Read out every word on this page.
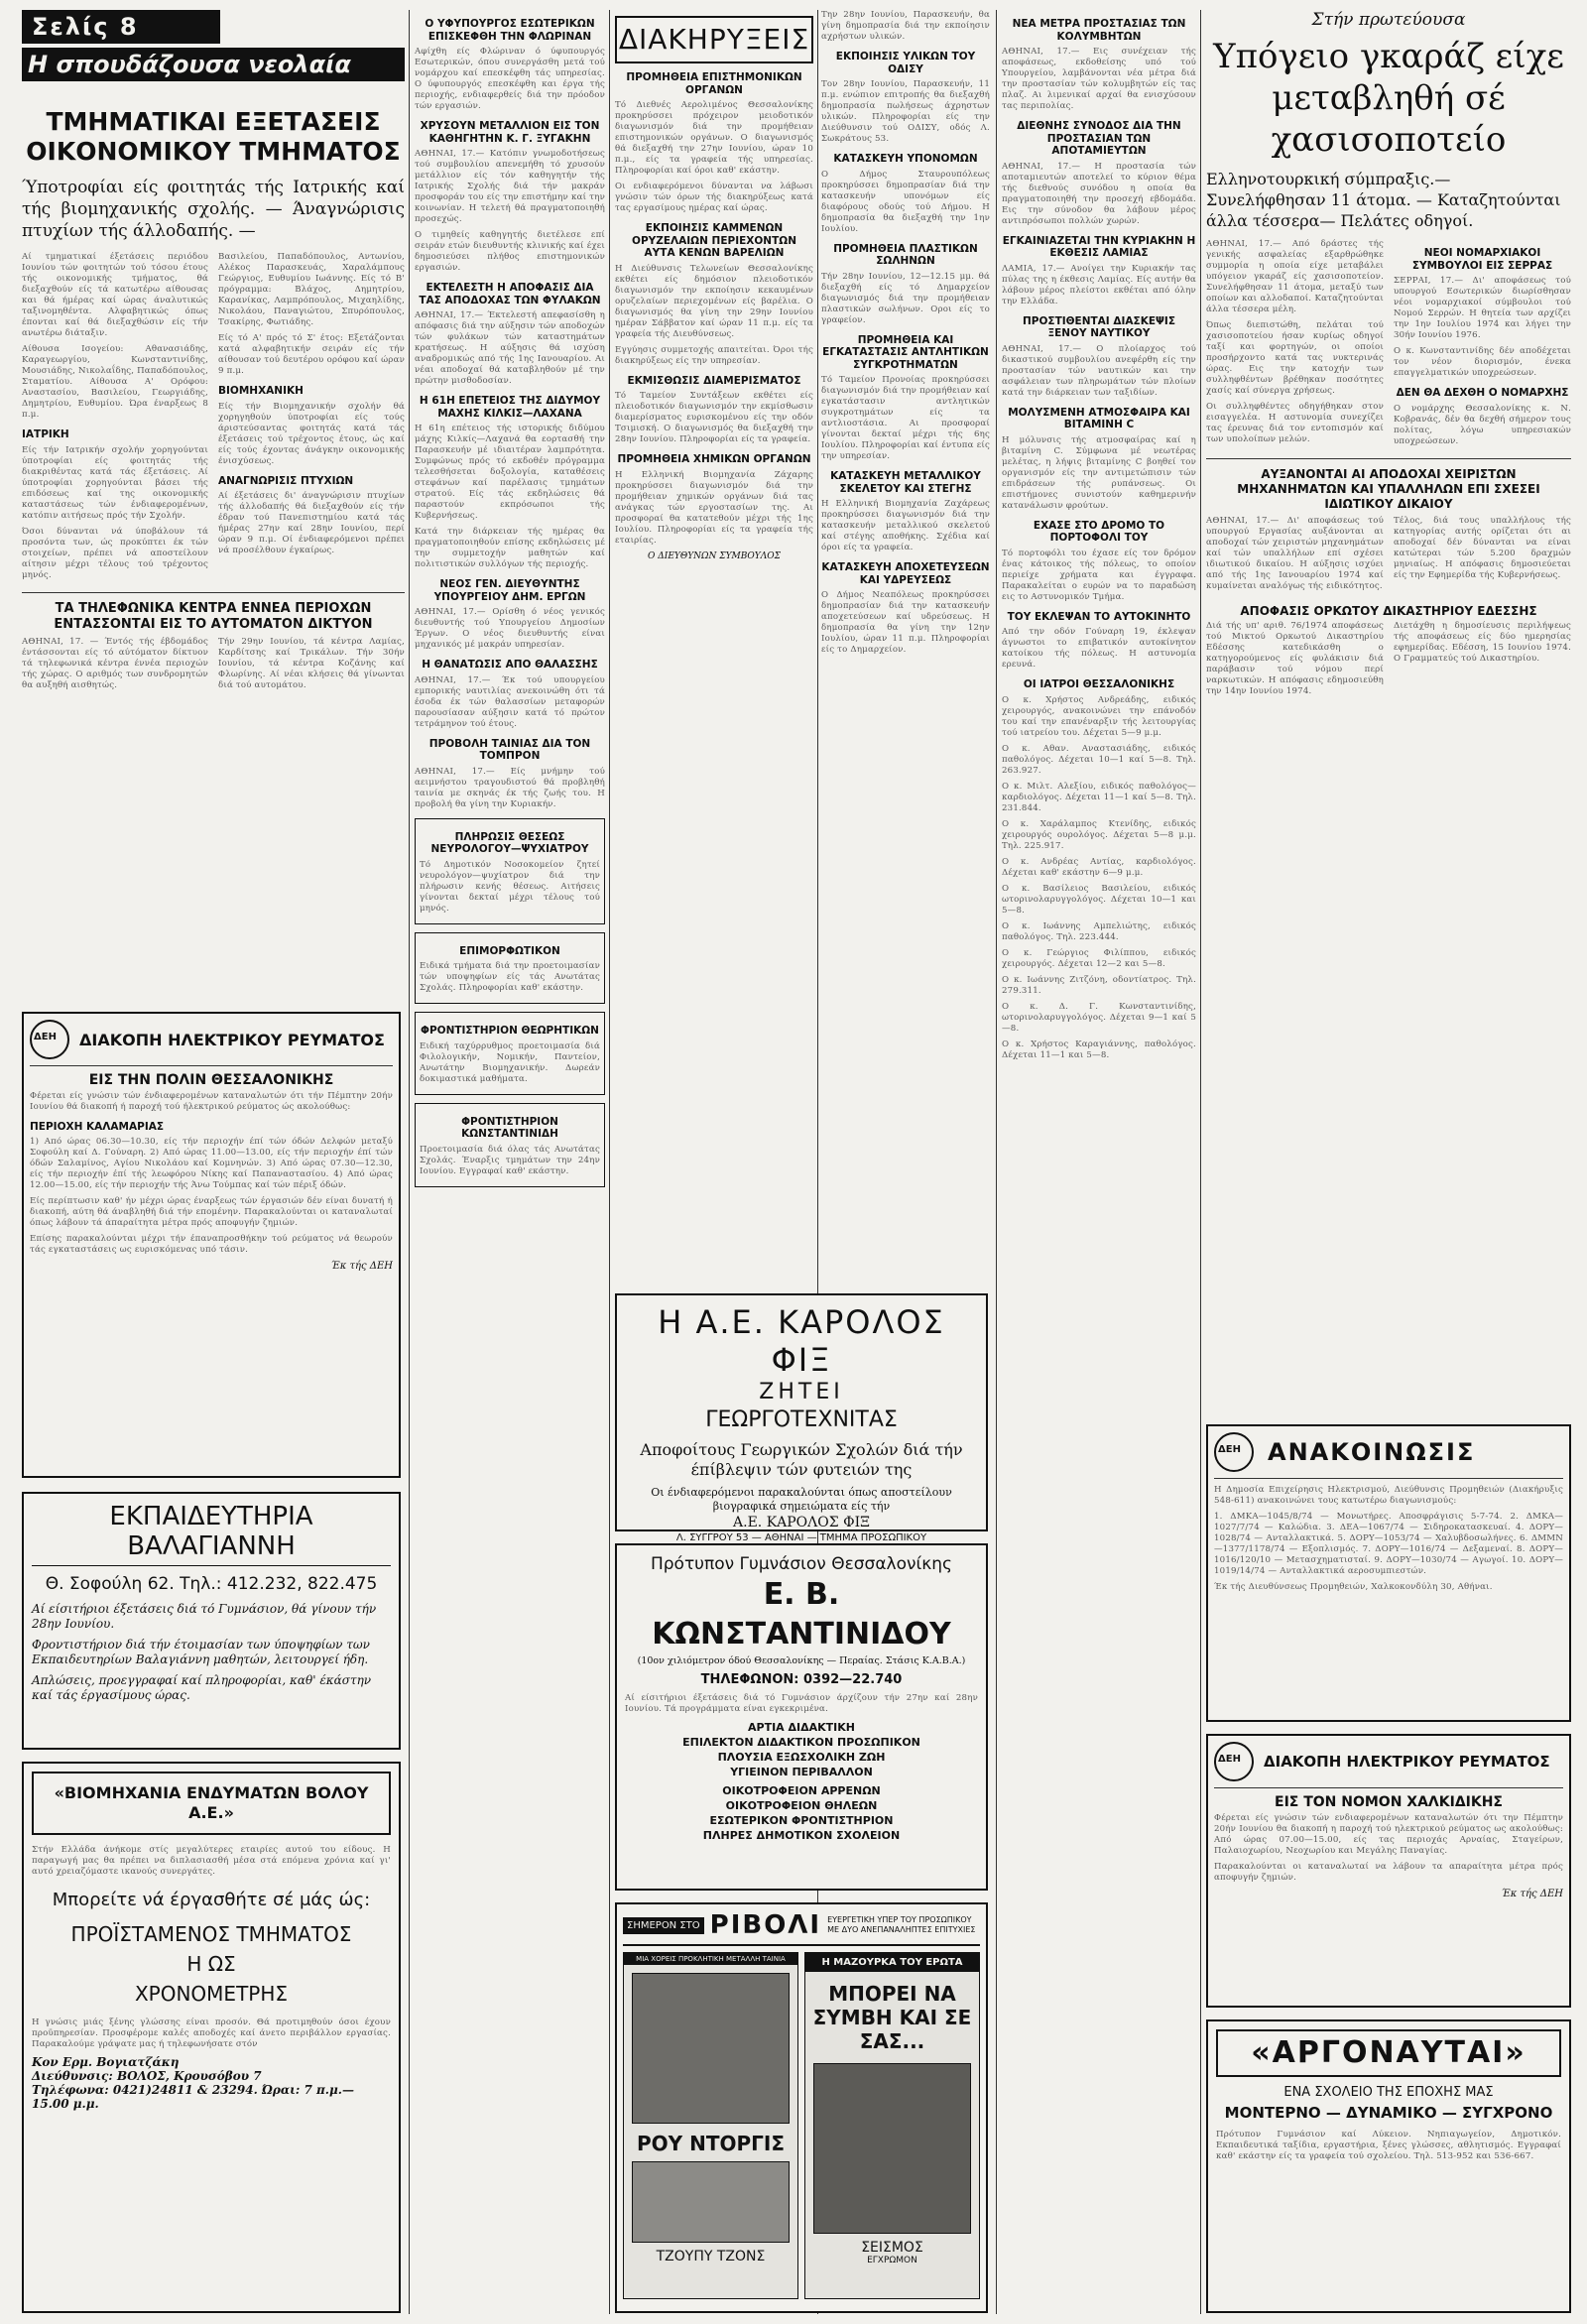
Σελίς 8
Η σπουδάζουσα νεολαία
ΤΜΗΜΑΤΙΚΑΙ ΕΞΕΤΑΣΕΙΣ ΟΙΚΟΝΟΜΙΚΟΥ ΤΜΗΜΑΤΟΣ

Ύποτροφίαι είς φοιτητάς τής Ιατρικής καί τής βιομηχανικής σχολής. — Άναγνώρισις πτυχίων τής άλλοδαπής. —

Αί τμηματικαί έξετάσεις περιόδου Ιουνίου τών φοιτητών τού τόσου έτους τής οικονομικής τμήματος, θά διεξαχθούν είς τά κατωτέρω αίθουσας και θά ήμέρας καί ώρας άναλυτικώς ταξινομηθέντα. Αλφαβητικώς όπως έπονται καί θά διεξαχθώσιν είς τήν ανωτέρω διάταξιν.

Αίθουσα Ισογείου: Αθανασιάδης, Καραγεωργίου, Κωνσταντινίδης, Μουσιάδης, Νικολαΐδης, Παπαδόπουλος, Σταματίου. Αίθουσα Α' Ορόφου: Αναστασίου, Βασιλείου, Γεωργιάδης, Δημητρίου, Ευθυμίου. Ώρα έναρξεως 8 π.μ.

ΙΑΤΡΙΚΗ

Είς τήν Ιατρικήν σχολήν χορηγούνται ύποτροφίαι είς φοιτητάς τής διακριθέντας κατά τάς έξετάσεις. Αί ύποτροφίαι χορηγούνται βάσει τής επιδόσεως καί της οικονομικής καταστάσεως τών ένδιαφερομένων, κατόπιν αιτήσεως πρός τήν Σχολήν.

Όσοι δύνανται νά ύποβάλουν τά προσόντα των, ώς προκύπτει έκ τών στοιχείων, πρέπει νά αποστείλουν αίτησιν μέχρι τέλους τού τρέχοντος μηνός.

Βασιλείου, Παπαδόπουλος, Αντωνίου, Αλέκος Παρασκευάς, Χαραλάμπους Γεώργιος, Ευθυμίου Ιωάννης. Είς τό Β' πρόγραμμα: Βλάχος, Δημητρίου, Καρανίκας, Λαμπρόπουλος, Μιχαηλίδης, Νικολάου, Παναγιώτου, Σπυρόπουλος, Τσακίρης, Φωτιάδης.

Είς τό Α' πρός τό Σ' έτος: Εξετάζονται κατά αλφαβητικήν σειράν είς τήν αίθουσαν τού δευτέρου ορόφου καί ώραν 9 π.μ.

ΒΙΟΜΗΧΑΝΙΚΗ

Είς τήν Βιομηχανικήν σχολήν θά χορηγηθούν ύποτροφίαι είς τούς άριστεύσαντας φοιτητάς κατά τάς έξετάσεις τού τρέχοντος έτους, ώς καί είς τούς έχοντας άνάγκην οικονομικής ένισχύσεως.

ΑΝΑΓΝΩΡΙΣΙΣ ΠΤΥΧΙΩΝ

Αί έξετάσεις δι' άναγνώρισιν πτυχίων τής άλλοδαπής θά διεξαχθούν είς τήν έδραν τού Πανεπιστημίου κατά τάς ήμέρας 27ην καί 28ην Ιουνίου, περί ώραν 9 π.μ. Οί ένδιαφερόμενοι πρέπει νά προσέλθουν έγκαίρως.

ΤΑ ΤΗΛΕΦΩΝΙΚΑ ΚΕΝΤΡΑ ΕΝΝΕΑ ΠΕΡΙΟΧΩΝ ΕΝΤΑΣΣΟΝΤΑΙ ΕΙΣ ΤΟ ΑΥΤΟΜΑΤΟΝ ΔΙΚΤΥΟΝ

ΑΘΗΝΑΙ, 17. — Έντός τής έβδομάδος έντάσσονται είς τό αύτόματον δίκτυον τά τηλεφωνικά κέντρα έννέα περιοχών τής χώρας. Ο αριθμός των συνδρομητών θα αυξηθή αισθητώς.

Τήν 29ην Ιουνίου, τά κέντρα Λαμίας, Καρδίτσης καί Τρικάλων. Τήν 30ήν Ιουνίου, τά κέντρα Κοζάνης καί Φλωρίνης. Αί νέαι κλήσεις θά γίνωνται διά τού αυτομάτου.

ΔΕΗ
ΔΙΑΚΟΠΗ ΗΛΕΚΤΡΙΚΟΥ ΡΕΥΜΑΤΟΣ
ΕΙΣ ΤΗΝ ΠΟΛΙΝ ΘΕΣΣΑΛΟΝΙΚΗΣ

Φέρεται είς γνώσιν τών ένδιαφερομένων καταναλωτών ότι τήν Πέμπτην 20ήν Ιουνίου θά διακοπή ή παροχή τού ήλεκτρικού ρεύματος ώς ακολούθως:

ΠΕΡΙΟΧΗ ΚΑΛΑΜΑΡΙΑΣ

1) Από ώρας 06.30—10.30, είς τήν περιοχήν έπί τών όδών Δελφών μεταξύ Σοφούλη καί Δ. Γούναρη. 2) Από ώρας 11.00—13.00, είς τήν περιοχήν έπί τών όδών Σαλαμίνος, Αγίου Νικολάου καί Κομνηνών. 3) Από ώρας 07.30—12.30, είς τήν περιοχήν έπί τής λεωφόρου Νίκης καί Παπαναστασίου. 4) Από ώρας 12.00—15.00, είς τήν περιοχήν τής Άνω Τούμπας καί τών πέριξ όδών.

Είς περίπτωσιν καθ' ήν μέχρι ώρας έναρξεως τών έργασιών δέν είναι δυνατή ή διακοπή, αύτη θά άναβληθή διά τήν επομένην. Παρακαλούνται οι καταναλωταί όπως λάβουν τά άπαραίτητα μέτρα πρός αποφυγήν ζημιών.

Επίσης παρακαλούνται μέχρι τήν έπαναπροσθήκην τού ρεύματος νά θεωρούν τάς εγκαταστάσεις ως ευρισκόμενας υπό τάσιν.

Έκ τής ΔΕΗ
ΕΚΠΑΙΔΕΥΤΗΡΙΑ ΒΑΛΑΓΙΑΝΝΗ
Θ. Σοφούλη 62. Τηλ.: 412.232, 822.475

Αί είσιτήριοι έξετάσεις διά τό Γυμνάσιον, θά γίνουν τήν 28ην Ιουνίου.

Φροντιστήριον διά τήν έτοιμασίαν των ύποψηφίων των Εκπαιδευτηρίων Βαλαγιάννη μαθητών, λειτουργεί ήδη.

Απλώσεις, προεγγραφαί καί πληροφορίαι, καθ' έκάστην καί τάς έργασίμους ώρας.

«ΒΙΟΜΗΧΑΝΙΑ ΕΝΔΥΜΑΤΩΝ ΒΟΛΟΥ Α.Ε.»

Στήν Ελλάδα άνήκομε στίς μεγαλύτερες εταιρίες αυτού του είδους. Η παραγωγή μας θα πρέπει να διπλασιασθή μέσα στά επόμενα χρόνια καί γι' αυτό χρειαζόμαστε ικανούς συνεργάτες.

Μπορείτε νά έργασθήτε σέ μάς ώς:
ΠΡΟΪΣΤΑΜΕΝΟΣ ΤΜΗΜΑΤΟΣ
Η ΩΣ
ΧΡΟΝΟΜΕΤΡΗΣ

Η γνώσις μιάς ξένης γλώσσης είναι προσόν. Θά προτιμηθούν όσοι έχουν προϋπηρεσίαν. Προσφέρομε καλές αποδοχές καί άνετο περιβάλλον εργασίας. Παρακαλούμε γράψατε μας ή τηλεφωνήσατε στόν

Κον Ερμ. Βογιατζάκη
Διεύθυνσις: ΒΟΛΟΣ, Κρουσόβου 7
Τηλέφωνα: 0421)24811 & 23294. Ώραι: 7 π.μ.—15.00 μ.μ.
Ο ΥΦΥΠΟΥΡΓΟΣ ΕΣΩΤΕΡΙΚΩΝ ΕΠΙΣΚΕΦΘΗ ΤΗΝ ΦΛΩΡΙΝΑΝ

Αφίχθη είς Φλώριναν ό ύφυπουργός Εσωτερικών, όπου συνεργάσθη μετά τού νομάρχου καί επεσκέφθη τάς υπηρεσίας. Ο ύφυπουργός επεσκέφθη και έργα τής περιοχής, ενδιαφερθείς διά την πρόοδον τών εργασιών.

ΧΡΥΣΟΥΝ ΜΕΤΑΛΛΙΟΝ ΕΙΣ ΤΟΝ ΚΑΘΗΓΗΤΗΝ Κ. Γ. ΞΥΓΑΚΗΝ

ΑΘΗΝΑΙ, 17.— Κατόπιν γνωμοδοτήσεως τού συμβουλίου απενεμήθη τό χρυσούν μετάλλιον είς τόν καθηγητήν τής Ιατρικής Σχολής διά τήν μακράν προσφοράν του είς την επιστήμην καί την κοινωνίαν. Η τελετή θά πραγματοποιηθή προσεχώς.

Ο τιμηθείς καθηγητής διετέλεσε επί σειράν ετών διευθυντής κλινικής καί έχει δημοσιεύσει πλήθος επιστημονικών εργασιών.

ΕΚΤΕΛΕΣΤΗ Η ΑΠΟΦΑΣΙΣ ΔΙΑ ΤΑΣ ΑΠΟΔΟΧΑΣ ΤΩΝ ΦΥΛΑΚΩΝ

ΑΘΗΝΑΙ, 17.— Έκτελεστή απεφασίσθη η απόφασις διά την αύξησιν τών αποδοχών τών φυλάκων τών καταστημάτων κρατήσεως. Η αύξησις θά ισχύση αναδρομικώς από τής 1ης Ιανουαρίου. Αι νέαι αποδοχαί θά καταβληθούν μέ την πρώτην μισθοδοσίαν.

Η 61Η ΕΠΕΤΕΙΟΣ ΤΗΣ ΔΙΔΥΜΟΥ ΜΑΧΗΣ ΚΙΛΚΙΣ—ΛΑΧΑΝΑ

Η 61η επέτειος τής ιστορικής διδύμου μάχης Κιλκίς—Λαχανά θα εορτασθή την Παρασκευήν μέ ιδιαιτέραν λαμπρότητα. Συμφώνως πρός τό εκδοθέν πρόγραμμα τελεσθήσεται δοξολογία, καταθέσεις στεφάνων καί παρέλασις τμημάτων στρατού. Είς τάς εκδηλώσεις θά παραστούν εκπρόσωποι τής Κυβερνήσεως.

Κατά την διάρκειαν τής ημέρας θα πραγματοποιηθούν επίσης εκδηλώσεις μέ την συμμετοχήν μαθητών καί πολιτιστικών συλλόγων τής περιοχής.

ΝΕΟΣ ΓΕΝ. ΔΙΕΥΘΥΝΤΗΣ ΥΠΟΥΡΓΕΙΟΥ ΔΗΜ. ΕΡΓΩΝ

ΑΘΗΝΑΙ, 17.— Ορίσθη ό νέος γενικός διευθυντής τού Υπουργείου Δημοσίων Έργων. Ο νέος διευθυντής είναι μηχανικός μέ μακράν υπηρεσίαν.

Η ΘΑΝΑΤΩΣΙΣ ΑΠΟ ΘΑΛΑΣΣΗΣ

ΑΘΗΝΑΙ, 17.— Έκ τού υπουργείου εμπορικής ναυτιλίας ανεκοινώθη ότι τά έσοδα έκ τών θαλασσίων μεταφορών παρουσίασαν αύξησιν κατά τό πρώτον τετράμηνον τού έτους.

ΠΡΟΒΟΛΗ ΤΑΙΝΙΑΣ ΔΙΑ ΤΟΝ ΤΟΜΠΡΟΝ

ΑΘΗΝΑΙ, 17.— Είς μνήμην τού αειμνήστου τραγουδιστού θά προβληθή ταινία με σκηνάς έκ τής ζωής του. Η προβολή θα γίνη την Κυριακήν.

ΠΛΗΡΩΣΙΣ ΘΕΣΕΩΣ ΝΕΥΡΟΛΟΓΟΥ—ΨΥΧΙΑΤΡΟΥ

Τό Δημοτικόν Νοσοκομείον ζητεί νευρολόγον—ψυχίατρον διά την πλήρωσιν κενής θέσεως. Αιτήσεις γίνονται δεκταί μέχρι τέλους τού μηνός.

ΕΠΙΜΟΡΦΩΤΙΚΟΝ

Ειδικά τμήματα διά την προετοιμασίαν τών υποψηφίων είς τάς Ανωτάτας Σχολάς. Πληροφορίαι καθ' εκάστην.

ΦΡΟΝΤΙΣΤΗΡΙΟΝ ΘΕΩΡΗΤΙΚΩΝ

Ειδική ταχύρρυθμος προετοιμασία διά Φιλολογικήν, Νομικήν, Παντείον, Ανωτάτην Βιομηχανικήν. Δωρεάν δοκιμαστικά μαθήματα.

ΦΡΟΝΤΙΣΤΗΡΙΟΝ ΚΩΝΣΤΑΝΤΙΝΙΔΗ

Προετοιμασία διά όλας τάς Ανωτάτας Σχολάς. Έναρξις τμημάτων την 24ην Ιουνίου. Εγγραφαί καθ' εκάστην.

ΔΙΑΚΗΡΥΞΕΙΣ
ΠΡΟΜΗΘΕΙΑ ΕΠΙΣΤΗΜΟΝΙΚΩΝ ΟΡΓΑΝΩΝ

Τό Διεθνές Αερολιμένος Θεσσαλονίκης προκηρύσσει πρόχειρον μειοδοτικόν διαγωνισμόν διά την προμήθειαν επιστημονικών οργάνων. Ο διαγωνισμός θά διεξαχθή την 27ην Ιουνίου, ώραν 10 π.μ., είς τα γραφεία τής υπηρεσίας. Πληροφορίαι καί όροι καθ' εκάστην.

Οι ενδιαφερόμενοι δύνανται να λάβωσι γνώσιν τών όρων τής διακηρύξεως κατά τας εργασίμους ημέρας καί ώρας.

ΕΚΠΟΙΗΣΙΣ ΚΑΜΜΕΝΩΝ ΟΡΥΖΕΛΑΙΩΝ ΠΕΡΙΕΧΟΝΤΩΝ ΑΥΤΑ ΚΕΝΩΝ ΒΑΡΕΛΙΩΝ

Η Διεύθυνσις Τελωνείων Θεσσαλονίκης εκθέτει είς δημόσιον πλειοδοτικόν διαγωνισμόν την εκποίησιν κεκαυμένων ορυζελαίων περιεχομένων είς βαρέλια. Ο διαγωνισμός θα γίνη την 29ην Ιουνίου ημέραν Σάββατον καί ώραν 11 π.μ. είς τα γραφεία τής Διευθύνσεως.

Εγγύησις συμμετοχής απαιτείται. Όροι τής διακηρύξεως είς την υπηρεσίαν.

ΕΚΜΙΣΘΩΣΙΣ ΔΙΑΜΕΡΙΣΜΑΤΟΣ

Τό Ταμείον Συντάξεων εκθέτει είς πλειοδοτικόν διαγωνισμόν την εκμίσθωσιν διαμερίσματος ευρισκομένου είς την οδόν Τσιμισκή. Ο διαγωνισμός θα διεξαχθή την 28ην Ιουνίου. Πληροφορίαι είς τα γραφεία.

ΠΡΟΜΗΘΕΙΑ ΧΗΜΙΚΩΝ ΟΡΓΑΝΩΝ

Η Ελληνική Βιομηχανία Ζάχαρης προκηρύσσει διαγωνισμόν διά την προμήθειαν χημικών οργάνων διά τας ανάγκας τών εργοστασίων της. Αι προσφοραί θα κατατεθούν μέχρι τής 1ης Ιουλίου. Πληροφορίαι είς τα γραφεία τής εταιρίας.

Ο ΔΙΕΥΘΥΝΩΝ ΣΥΜΒΟΥΛΟΣ

Την 28ην Ιουνίου, Παρασκευήν, θα γίνη δημοπρασία διά την εκποίησιν αχρήστων υλικών.

ΕΚΠΟΙΗΣΙΣ ΥΛΙΚΩΝ ΤΟΥ ΟΔΙΣΥ

Τον 28ην Ιουνίου, Παρασκευήν, 11 π.μ. ενώπιον επιτροπής θα διεξαχθή δημοπρασία πωλήσεως άχρηστων υλικών. Πληροφορίαι είς την Διεύθυνσιν τού ΟΔΙΣΥ, οδός Λ. Σωκράτους 53.

ΚΑΤΑΣΚΕΥΗ ΥΠΟΝΟΜΩΝ

Ο Δήμος Σταυρουπόλεως προκηρύσσει δημοπρασίαν διά την κατασκευήν υπονόμων είς διαφόρους οδούς τού Δήμου. Η δημοπρασία θα διεξαχθή την 1ην Ιουλίου.

ΠΡΟΜΗΘΕΙΑ ΠΛΑΣΤΙΚΩΝ ΣΩΛΗΝΩΝ

Τήν 28ην Ιουνίου, 12—12.15 μμ. θά διεξαχθή είς τό Δημαρχείον διαγωνισμός διά την προμήθειαν πλαστικών σωλήνων. Οροι είς το γραφείον.

ΠΡΟΜΗΘΕΙΑ ΚΑΙ ΕΓΚΑΤΑΣΤΑΣΙΣ ΑΝΤΛΗΤΙΚΩΝ ΣΥΓΚΡΟΤΗΜΑΤΩΝ

Τό Ταμείον Προνοίας προκηρύσσει διαγωνισμόν διά την προμήθειαν καί εγκατάστασιν αντλητικών συγκροτημάτων είς τα αντλιοστάσια. Αι προσφοραί γίνονται δεκταί μέχρι τής 6ης Ιουλίου. Πληροφορίαι καί έντυπα είς την υπηρεσίαν.

ΚΑΤΑΣΚΕΥΗ ΜΕΤΑΛΛΙΚΟΥ ΣΚΕΛΕΤΟΥ ΚΑΙ ΣΤΕΓΗΣ

Η Ελληνική Βιομηχανία Ζαχάρεως προκηρύσσει διαγωνισμόν διά την κατασκευήν μεταλλικού σκελετού καί στέγης αποθήκης. Σχέδια καί όροι είς τα γραφεία.

ΚΑΤΑΣΚΕΥΗ ΑΠΟΧΕΤΕΥΣΕΩΝ ΚΑΙ ΥΔΡΕΥΣΕΩΣ

Ο Δήμος Νεαπόλεως προκηρύσσει δημοπρασίαν διά την κατασκευήν αποχετεύσεων καί υδρεύσεως. Η δημοπρασία θα γίνη την 12ην Ιουλίου, ώραν 11 π.μ. Πληροφορίαι είς το Δημαρχείον.

ΝΕΑ ΜΕΤΡΑ ΠΡΟΣΤΑΣΙΑΣ ΤΩΝ ΚΟΛΥΜΒΗΤΩΝ

ΑΘΗΝΑΙ, 17.— Εις συνέχειαν τής αποφάσεως, εκδοθείσης υπό τού Υπουργείου, λαμβάνονται νέα μέτρα διά την προστασίαν τών κολυμβητών είς τας πλαζ. Αι λιμενικαί αρχαί θα ενισχύσουν τας περιπολίας.

ΔΙΕΘΝΗΣ ΣΥΝΟΔΟΣ ΔΙΑ ΤΗΝ ΠΡΟΣΤΑΣΙΑΝ ΤΩΝ ΑΠΟΤΑΜΙΕΥΤΩΝ

ΑΘΗΝΑΙ, 17.— Η προστασία τών αποταμιευτών αποτελεί το κύριον θέμα τής διεθνούς συνόδου η οποία θα πραγματοποιηθή την προσεχή εβδομάδα. Εις την σύνοδον θα λάβουν μέρος αντιπρόσωποι πολλών χωρών.

ΕΓΚΑΙΝΙΑΖΕΤΑΙ ΤΗΝ ΚΥΡΙΑΚΗΝ Η ΕΚΘΕΣΙΣ ΛΑΜΙΑΣ

ΛΑΜΙΑ, 17.— Ανοίγει την Κυριακήν τας πύλας της η έκθεσις Λαμίας. Είς αυτήν θα λάβουν μέρος πλείστοι εκθέται από όλην την Ελλάδα.

ΠΡΟΣΤΙΘΕΝΤΑΙ ΔΙΑΣΚΕΨΙΣ ΞΕΝΟΥ ΝΑΥΤΙΚΟΥ

ΑΘΗΝΑΙ, 17.— Ο πλοίαρχος τού δικαστικού συμβουλίου ανεφέρθη είς την προστασίαν τών ναυτικών και την ασφάλειαν των πληρωμάτων τών πλοίων κατά την διάρκειαν των ταξιδίων.

ΜΟΛΥΣΜΕΝΗ ΑΤΜΟΣΦΑΙΡΑ ΚΑΙ ΒΙΤΑΜΙΝΗ C

Η μόλυνσις τής ατμοσφαίρας καί η βιταμίνη C. Σύμφωνα μέ νεωτέρας μελέτας, η λήψις βιταμίνης C βοηθεί τον οργανισμόν είς την αντιμετώπισιν τών επιδράσεων τής ρυπάνσεως. Οι επιστήμονες συνιστούν καθημερινήν κατανάλωσιν φρούτων.

ΕΧΑΣΕ ΣΤΟ ΔΡΟΜΟ ΤΟ ΠΟΡΤΟΦΟΛΙ ΤΟΥ

Τό πορτοφόλι του έχασε είς τον δρόμον ένας κάτοικος τής πόλεως, το οποίον περιείχε χρήματα και έγγραφα. Παρακαλείται ο ευρών να το παραδώση εις το Αστυνομικόν Τμήμα.

ΤΟΥ ΕΚΛΕΨΑΝ ΤΟ ΑΥΤΟΚΙΝΗΤΟ

Από την οδόν Γούναρη 19, έκλεψαν άγνωστοι το επιβατικόν αυτοκίνητον κατοίκου τής πόλεως. Η αστυνομία ερευνά.

ΟΙ ΙΑΤΡΟΙ ΘΕΣΣΑΛΟΝΙΚΗΣ

Ο κ. Χρήστος Ανδρεάδης, ειδικός χειρουργός, ανακοινώνει την επάνοδόν του καί την επανέναρξιν τής λειτουργίας τού ιατρείου του. Δέχεται 5—9 μ.μ.

Ο κ. Αθαν. Αναστασιάδης, ειδικός παθολόγος. Δέχεται 10—1 καί 5—8. Τηλ. 263.927.

Ο κ. Μιλτ. Αλεξίου, ειδικός παθολόγος—καρδιολόγος. Δέχεται 11—1 καί 5—8. Τηλ. 231.844.

Ο κ. Χαράλαμπος Κτενίδης, ειδικός χειρουργός ουρολόγος. Δέχεται 5—8 μ.μ. Τηλ. 225.917.

Ο κ. Ανδρέας Αντίας, καρδιολόγος. Δέχεται καθ' εκάστην 6—9 μ.μ.

Ο κ. Βασίλειος Βασιλείου, ειδικός ωτορινολαρυγγολόγος. Δέχεται 10—1 και 5—8.

Ο κ. Ιωάννης Αμπελιώτης, ειδικός παθολόγος. Τηλ. 223.444.

Ο κ. Γεώργιος Φιλίππου, ειδικός χειρουργός. Δέχεται 12—2 και 5—8.

Ο κ. Ιωάννης Ζιτζόνη, οδοντίατρος. Τηλ. 279.311.

Ο κ. Δ. Γ. Κωνσταντινίδης, ωτορινολαρυγγολόγος. Δέχεται 9—1 καί 5—8.

Ο κ. Χρήστος Καραγιάννης, παθολόγος. Δέχεται 11—1 και 5—8.

Στήν πρωτεύουσα
Υπόγειο γκαράζ είχε μεταβληθή σέ χασισοποτείο

Ελληνοτουρκική σύμπραξις.— Συνελήφθησαν 11 άτομα. — Καταζητούνται άλλα τέσσερα— Πελάτες οδηγοί.

ΑΘΗΝΑΙ, 17.— Από δράστες τής γενικής ασφαλείας εξαρθρώθηκε συμμορία η οποία είχε μεταβάλει υπόγειον γκαράζ είς χασισοποτείον. Συνελήφθησαν 11 άτομα, μεταξύ των οποίων και αλλοδαποί. Καταζητούνται άλλα τέσσερα μέλη.

Όπως διεπιστώθη, πελάται τού χασισοποτείου ήσαν κυρίως οδηγοί ταξί και φορτηγών, οι οποίοι προσήρχοντο κατά τας νυκτερινάς ώρας. Εις την κατοχήν των συλληφθέντων βρέθηκαν ποσότητες χασίς καί σύνεργα χρήσεως.

Οι συλληφθέντες οδηγήθηκαν στον εισαγγελέα. Η αστυνομία συνεχίζει τας έρευνας διά τον εντοπισμόν καί των υπολοίπων μελών.

ΝΕΟΙ ΝΟΜΑΡΧΙΑΚΟΙ ΣΥΜΒΟΥΛΟΙ ΕΙΣ ΣΕΡΡΑΣ

ΣΕΡΡΑΙ, 17.— Δι' αποφάσεως τού υπουργού Εσωτερικών διωρίσθησαν νέοι νομαρχιακοί σύμβουλοι τού Νομού Σερρών. Η θητεία των αρχίζει την 1ην Ιουλίου 1974 και λήγει την 30ήν Ιουνίου 1976.

Ο κ. Κωνσταντινίδης δέν αποδέχεται τον νέον διορισμόν, ένεκα επαγγελματικών υποχρεώσεων.

ΔΕΝ ΘΑ ΔΕΧΘΗ Ο ΝΟΜΑΡΧΗΣ

Ο νομάρχης Θεσσαλονίκης κ. Ν. Κοβρανάς, δέν θα δεχθή σήμερον τους πολίτας, λόγω υπηρεσιακών υποχρεώσεων.

ΑΥΞΑΝΟΝΤΑΙ ΑΙ ΑΠΟΔΟΧΑΙ ΧΕΙΡΙΣΤΩΝ ΜΗΧΑΝΗΜΑΤΩΝ ΚΑΙ ΥΠΑΛΛΗΛΩΝ ΕΠΙ ΣΧΕΣΕΙ ΙΔΙΩΤΙΚΟΥ ΔΙΚΑΙΟΥ

ΑΘΗΝΑΙ, 17.— Δι' αποφάσεως τού υπουργού Εργασίας αυξάνονται αι αποδοχαί τών χειριστών μηχανημάτων καί τών υπαλλήλων επί σχέσει ιδιωτικού δικαίου. Η αύξησις ισχύει από τής 1ης Ιανουαρίου 1974 καί κυμαίνεται αναλόγως τής ειδικότητος.

Τέλος, διά τους υπαλλήλους τής κατηγορίας αυτής ορίζεται ότι αι αποδοχαί δέν δύνανται να είναι κατώτεραι τών 5.200 δραχμών μηνιαίως. Η απόφασις δημοσιεύεται είς την Εφημερίδα τής Κυβερνήσεως.

ΑΠΟΦΑΣΙΣ ΟΡΚΩΤΟΥ ΔΙΚΑΣΤΗΡΙΟΥ ΕΔΕΣΣΗΣ

Διά τής υπ' αριθ. 76/1974 αποφάσεως τού Μικτού Ορκωτού Δικαστηρίου Εδέσσης κατεδικάσθη ο κατηγορούμενος είς φυλάκισιν διά παράβασιν τού νόμου περί ναρκωτικών. Η απόφασις εδημοσιεύθη την 14ην Ιουνίου 1974.

Διετάχθη η δημοσίευσις περιλήψεως τής αποφάσεως είς δύο ημερησίας εφημερίδας. Εδέσση, 15 Ιουνίου 1974. Ο Γραμματεύς τού Δικαστηρίου.

ΔΕΗ
ΑΝΑΚΟΙΝΩΣΙΣ

Η Δημοσία Επιχείρησις Ηλεκτρισμού, Διεύθυνσις Προμηθειών (Διακήρυξις 548-611) ανακοινώνει τους κατωτέρω διαγωνισμούς:

1. ΔΜΚΑ—1045/8/74 — Μονωτήρες. Αποσφράγισις 5-7-74. 2. ΔΜΚΑ—1027/7/74 — Καλώδια. 3. ΔΕΑ—1067/74 — Σιδηροκατασκευαί. 4. ΔΟΡΥ—1028/74 — Ανταλλακτικά. 5. ΔΟΡΥ—1053/74 — Χαλυβδοσωλήνες. 6. ΔΜΜΝ—1377/1178/74 — Εξοπλισμός. 7. ΔΟΡΥ—1016/74 — Δεξαμεναί. 8. ΔΟΡΥ—1016/120/10 — Μετασχηματισταί. 9. ΔΟΡΥ—1030/74 — Αγωγοί. 10. ΔΟΡΥ—1019/14/74 — Ανταλλακτικά αεροσυμπιεστών.

Έκ τής Διευθύνσεως Προμηθειών, Χαλκοκονδύλη 30, Αθήναι.

ΔΕΗ
ΔΙΑΚΟΠΗ ΗΛΕΚΤΡΙΚΟΥ ΡΕΥΜΑΤΟΣ
ΕΙΣ ΤΟΝ ΝΟΜΟΝ ΧΑΛΚΙΔΙΚΗΣ

Φέρεται είς γνώσιν τών ενδιαφερομένων καταναλωτών ότι την Πέμπτην 20ήν Ιουνίου θα διακοπή η παροχή τού ηλεκτρικού ρεύματος ως ακολούθως: Από ώρας 07.00—15.00, είς τας περιοχάς Αρναίας, Σταγείρων, Παλαιοχωρίου, Νεοχωρίου και Μεγάλης Παναγίας.

Παρακαλούνται οι καταναλωταί να λάβουν τα απαραίτητα μέτρα πρός αποφυγήν ζημιών.

Έκ τής ΔΕΗ
«ΑΡΓΟΝΑΥΤΑΙ»
ΕΝΑ ΣΧΟΛΕΙΟ ΤΗΣ ΕΠΟΧΗΣ ΜΑΣ
ΜΟΝΤΕΡΝΟ — ΔΥΝΑΜΙΚΟ — ΣΥΓΧΡΟΝΟ

Πρότυπον Γυμνάσιον καί Λύκειον. Νηπιαγωγείον, Δημοτικόν. Εκπαιδευτικά ταξίδια, εργαστήρια, ξένες γλώσσες, αθλητισμός. Εγγραφαί καθ' εκάστην είς τα γραφεία τού σχολείου. Τηλ. 513-952 και 536-667.

Η Α.Ε. ΚΑΡΟΛΟΣ ΦΙΞ
ΖΗΤΕΙ
ΓΕΩΡΓΟΤΕΧΝΙΤΑΣ
Αποφοίτους Γεωργικών Σχολών διά τήν έπίβλεψιν τών φυτειών της
Οι ένδιαφερόμενοι παρακαλούνται όπως αποστείλουν βιογραφικά σημειώματα είς τήν
Α.Ε. ΚΑΡΟΛΟΣ ΦΙΞ
Λ. ΣΥΓΓΡΟΥ 53 — ΑΘΗΝΑΙ — ΤΜΗΜΑ ΠΡΟΣΩΠΙΚΟΥ
Πρότυπον Γυμνάσιον Θεσσαλονίκης
Ε. Β. ΚΩΝΣΤΑΝΤΙΝΙΔΟΥ
(10ον χιλιόμετρον όδού Θεσσαλονίκης — Περαίας. Στάσις Κ.Α.Β.Α.)
ΤΗΛΕΦΩΝΟΝ: 0392—22.740

Αί είσιτήριοι έξετάσεις διά τό Γυμνάσιον άρχίζουν τήν 27ην καί 28ην Ιουνίου. Τά προγράμματα είναι εγκεκριμένα.

ΑΡΤΙΑ ΔΙΔΑΚΤΙΚΗ
ΕΠΙΛΕΚΤΟΝ ΔΙΔΑΚΤΙΚΟΝ ΠΡΟΣΩΠΙΚΟΝ
ΠΛΟΥΣΙΑ ΕΞΩΣΧΟΛΙΚΗ ΖΩΗ
ΥΓΙΕΙΝΟΝ ΠΕΡΙΒΑΛΛΟΝ
ΟΙΚΟΤΡΟΦΕΙΟΝ ΑΡΡΕΝΩΝ
ΟΙΚΟΤΡΟΦΕΙΟΝ ΘΗΛΕΩΝ
ΕΣΩΤΕΡΙΚΟΝ ΦΡΟΝΤΙΣΤΗΡΙΟΝ
ΠΛΗΡΕΣ ΔΗΜΟΤΙΚΟΝ ΣΧΟΛΕΙΟΝ
ΣΗΜΕΡΟΝ ΣΤΟ ΡΙΒΟΛΙ ΕΥΕΡΓΕΤΙΚΗ ΥΠΕΡ ΤΟΥ ΠΡΟΣΩΠΙΚΟΥ ΜΕ ΔΥΟ ΑΝΕΠΑΝΑΛΗΠΤΕΣ ΕΠΙΤΥΧΙΕΣ
ΜΙΑ ΧΟΡΕΙΣ ΠΡΟΚΛΗΤΙΚΗ ΜΕΤΑΛΛΗ ΤΑΙΝΙΑ
ΡΟΥ ΝΤΟΡΓΙΣ
ΤΖΟΥΠΥ ΤΖΟΝΣ
Η ΜΑΖΟΥΡΚΑ ΤΟΥ ΕΡΩΤΑ
ΜΠΟΡΕΙ ΝΑ ΣΥΜΒΗ ΚΑΙ ΣΕ ΣΑΣ...
ΣΕΙΣΜΟΣ
ΕΓΧΡΩΜΟΝ
